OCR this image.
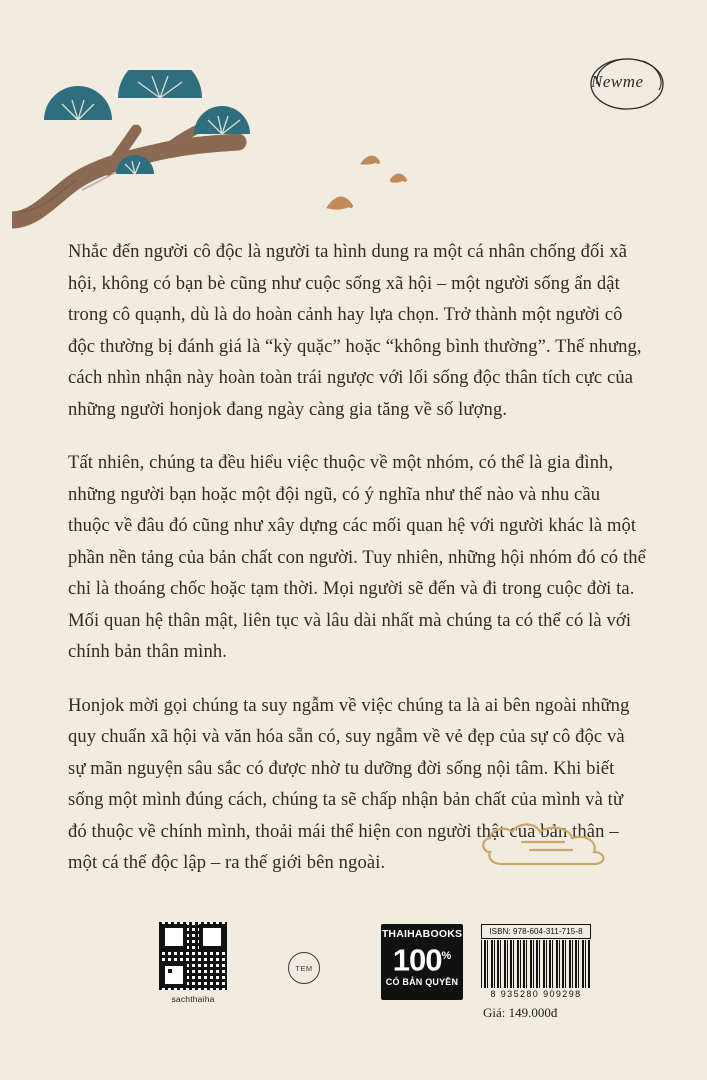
Newme

Nhắc đến người cô độc là người ta hình dung ra một cá nhân chống đối xã hội, không có bạn bè cũng như cuộc sống xã hội – một người sống ẩn dật trong cô quạnh, dù là do hoàn cảnh hay lựa chọn. Trở thành một người cô độc thường bị đánh giá là “kỳ quặc” hoặc “không bình thường”. Thế nhưng, cách nhìn nhận này hoàn toàn trái ngược với lối sống độc thân tích cực của những người honjok đang ngày càng gia tăng về số lượng.

Tất nhiên, chúng ta đều hiểu việc thuộc về một nhóm, có thể là gia đình, những người bạn hoặc một đội ngũ, có ý nghĩa như thế nào và nhu cầu thuộc về đâu đó cũng như xây dựng các mối quan hệ với người khác là một phần nền tảng của bản chất con người. Tuy nhiên, những hội nhóm đó có thể chỉ là thoáng chốc hoặc tạm thời. Mọi người sẽ đến và đi trong cuộc đời ta. Mối quan hệ thân mật, liên tục và lâu dài nhất mà chúng ta có thể có là với chính bản thân mình.

Honjok mời gọi chúng ta suy ngẫm về việc chúng ta là ai bên ngoài những quy chuẩn xã hội và văn hóa sẵn có, suy ngẫm về vẻ đẹp của sự cô độc và sự mãn nguyện sâu sắc có được nhờ tu dưỡng đời sống nội tâm. Khi biết sống một mình đúng cách, chúng ta sẽ chấp nhận bản chất của mình và từ đó thuộc về chính mình, thoải mái thể hiện con người thật của bản thân – một cá thể độc lập – ra thế giới bên ngoài.

sachthaiha
TEM
THAIHABOOKS
100%
CÓ BẢN QUYỀN
ISBN: 978-604-311-715-8
8 935280 909298
Giá: 149.000đ
